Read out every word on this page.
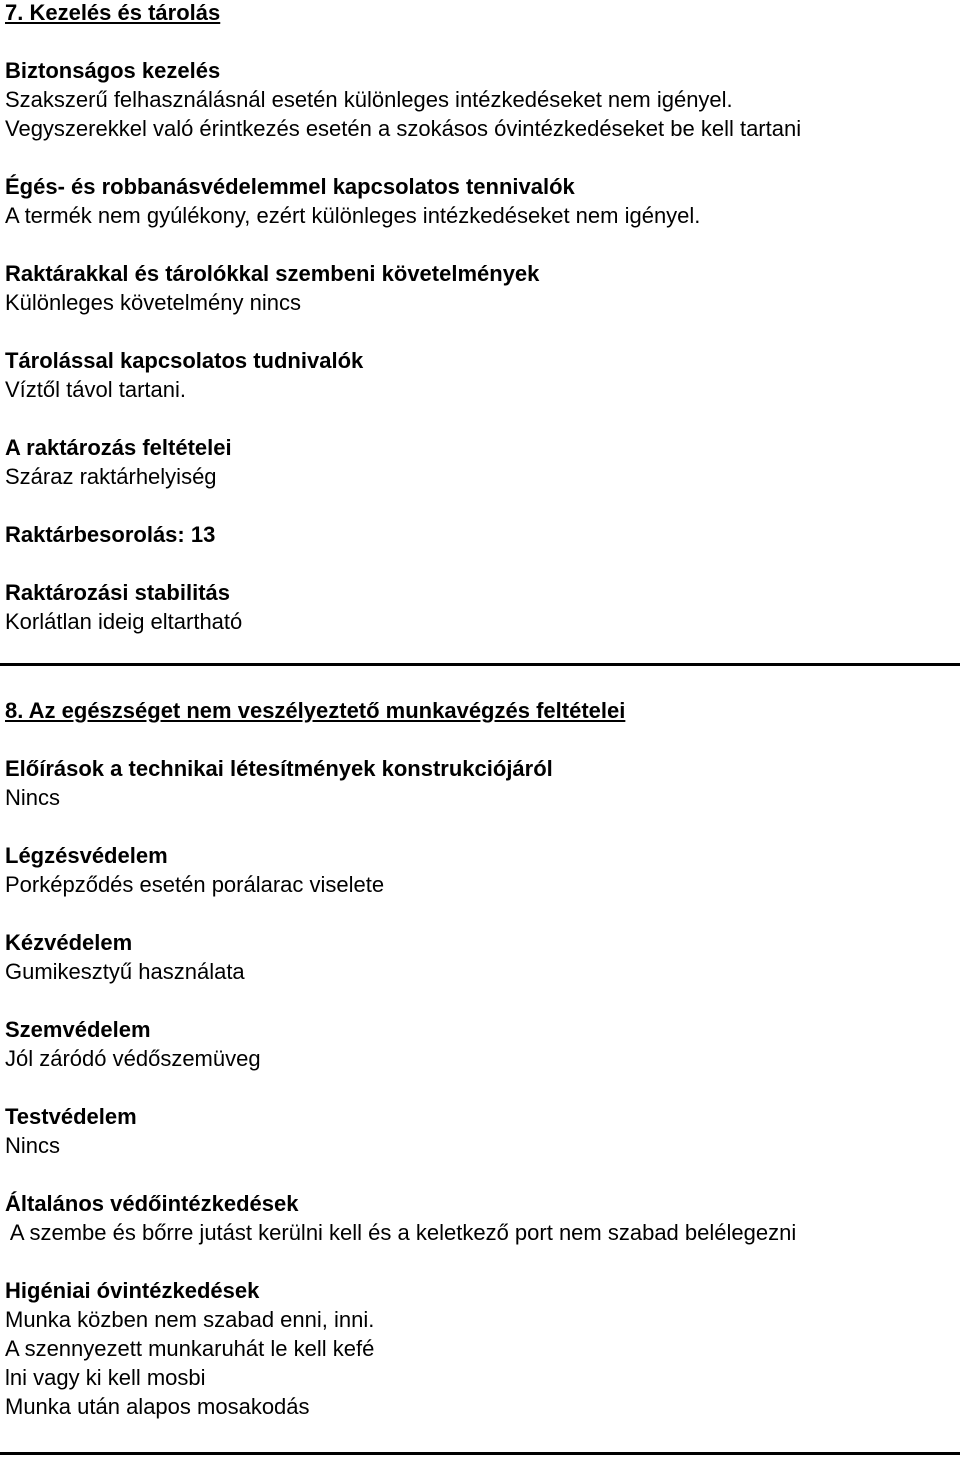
7. Kezelés és tárolás

Biztonságos kezelés

Szakszerű felhasználásnál esetén különleges intézkedéseket nem igényel.

Vegyszerekkel való érintkezés esetén a szokásos óvintézkedéseket be kell tartani

Égés- és robbanásvédelemmel kapcsolatos tennivalók

A termék nem gyúlékony, ezért különleges intézkedéseket nem igényel.

Raktárakkal és tárolókkal szembeni követelmények

Különleges követelmény nincs

Tárolással kapcsolatos tudnivalók

Víztől távol tartani.

A raktározás feltételei

Száraz raktárhelyiség

Raktárbesorolás: 13

Raktározási stabilitás

Korlátlan ideig eltartható

8. Az egészséget nem veszélyeztető munkavégzés feltételei

Előírások a technikai létesítmények konstrukciójáról

Nincs

Légzésvédelem

Porképződés esetén porálarac viselete

Kézvédelem

Gumikesztyű használata

Szemvédelem

Jól záródó védőszemüveg

Testvédelem

Nincs

Általános védőintézkedések

A szembe és bőrre jutást kerülni kell és a keletkező port nem szabad belélegezni

Higéniai óvintézkedések

Munka közben nem szabad enni, inni.

A szennyezett munkaruhát le kell kefé

lni vagy ki kell mosbi

Munka után alapos mosakodás
